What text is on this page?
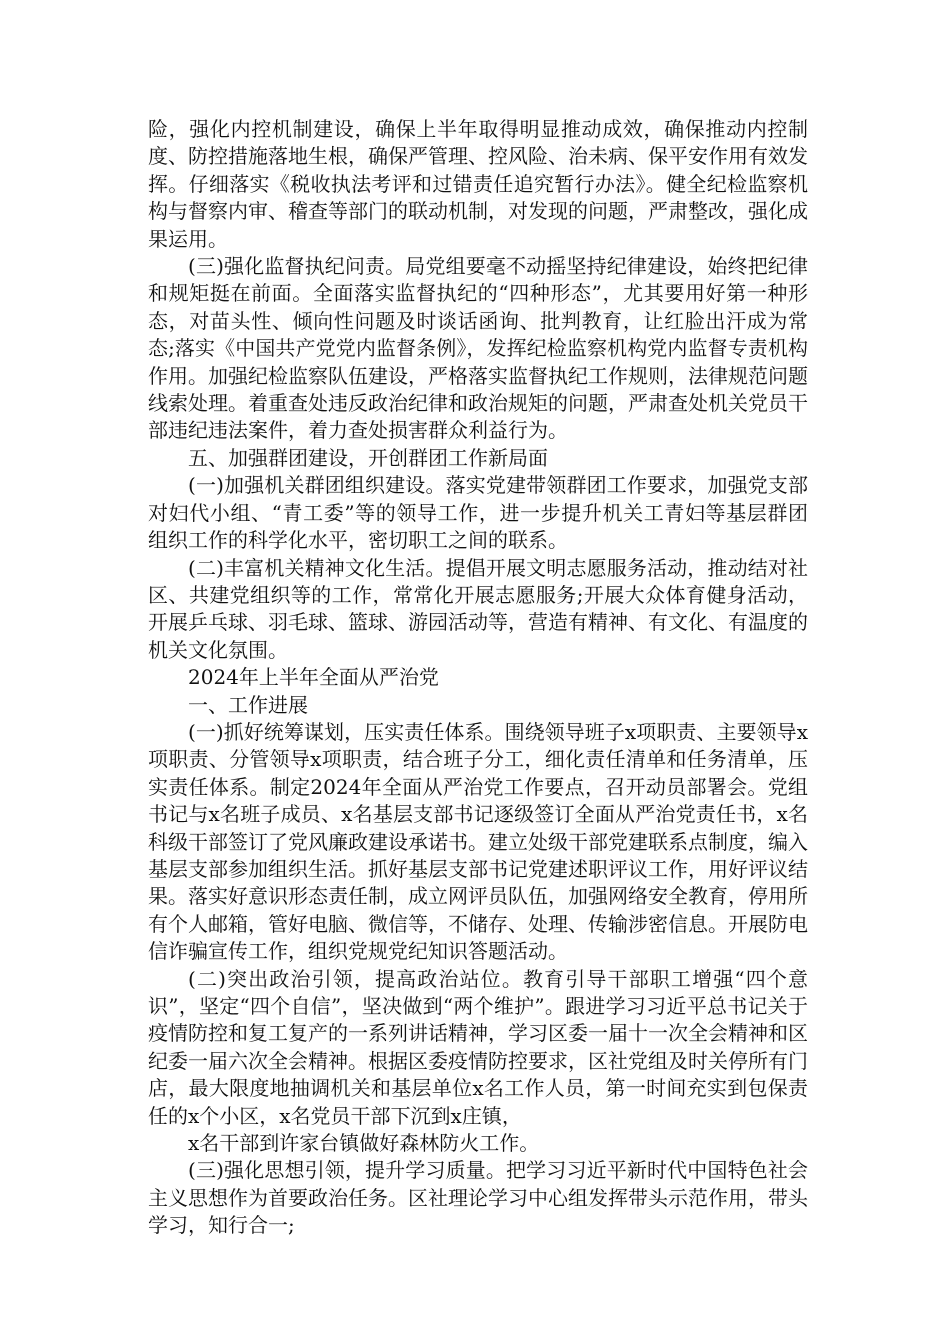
险，强化内控机制建设，确保上半年取得明显推动成效，确保推动内控制度、防控措施落地生根，确保严管理、控风险、治未病、保平安作用有效发挥。仔细落实《税收执法考评和过错责任追究暂行办法》。健全纪检监察机构与督察内审、稽查等部门的联动机制，对发现的问题，严肃整改，强化成果运用。

(三)强化监督执纪问责。局党组要毫不动摇坚持纪律建设，始终把纪律和规矩挺在前面。全面落实监督执纪的“四种形态”，尤其要用好第一种形态，对苗头性、倾向性问题及时谈话函询、批判教育，让红脸出汗成为常态;落实《中国共产党党内监督条例》，发挥纪检监察机构党内监督专责机构作用。加强纪检监察队伍建设，严格落实监督执纪工作规则，法律规范问题线索处理。着重查处违反政治纪律和政治规矩的问题，严肃查处机关党员干部违纪违法案件，着力查处损害群众利益行为。

五、加强群团建设，开创群团工作新局面

(一)加强机关群团组织建设。落实党建带领群团工作要求，加强党支部对妇代小组、“青工委”等的领导工作，进一步提升机关工青妇等基层群团组织工作的科学化水平，密切职工之间的联系。

(二)丰富机关精神文化生活。提倡开展文明志愿服务活动，推动结对社区、共建党组织等的工作，常常化开展志愿服务;开展大众体育健身活动，开展乒乓球、羽毛球、篮球、游园活动等，营造有精神、有文化、有温度的机关文化氛围。

2024年上半年全面从严治党

一、工作进展

(一)抓好统筹谋划，压实责任体系。围绕领导班子x项职责、主要领导x项职责、分管领导x项职责，结合班子分工，细化责任清单和任务清单，压实责任体系。制定2024年全面从严治党工作要点，召开动员部署会。党组书记与x名班子成员、x名基层支部书记逐级签订全面从严治党责任书，x名科级干部签订了党风廉政建设承诺书。建立处级干部党建联系点制度，编入基层支部参加组织生活。抓好基层支部书记党建述职评议工作，用好评议结果。落实好意识形态责任制，成立网评员队伍，加强网络安全教育，停用所有个人邮箱，管好电脑、微信等，不储存、处理、传输涉密信息。开展防电信诈骗宣传工作，组织党规党纪知识答题活动。

(二)突出政治引领，提高政治站位。教育引导干部职工增强“四个意识”，坚定“四个自信”，坚决做到“两个维护”。跟进学习习近平总书记关于疫情防控和复工复产的一系列讲话精神，学习区委一届十一次全会精神和区纪委一届六次全会精神。根据区委疫情防控要求，区社党组及时关停所有门店，最大限度地抽调机关和基层单位x名工作人员，第一时间充实到包保责任的x个小区，x名党员干部下沉到x庄镇，

x名干部到许家台镇做好森林防火工作。

(三)强化思想引领，提升学习质量。把学习习近平新时代中国特色社会主义思想作为首要政治任务。区社理论学习中心组发挥带头示范作用，带头学习，知行合一;
